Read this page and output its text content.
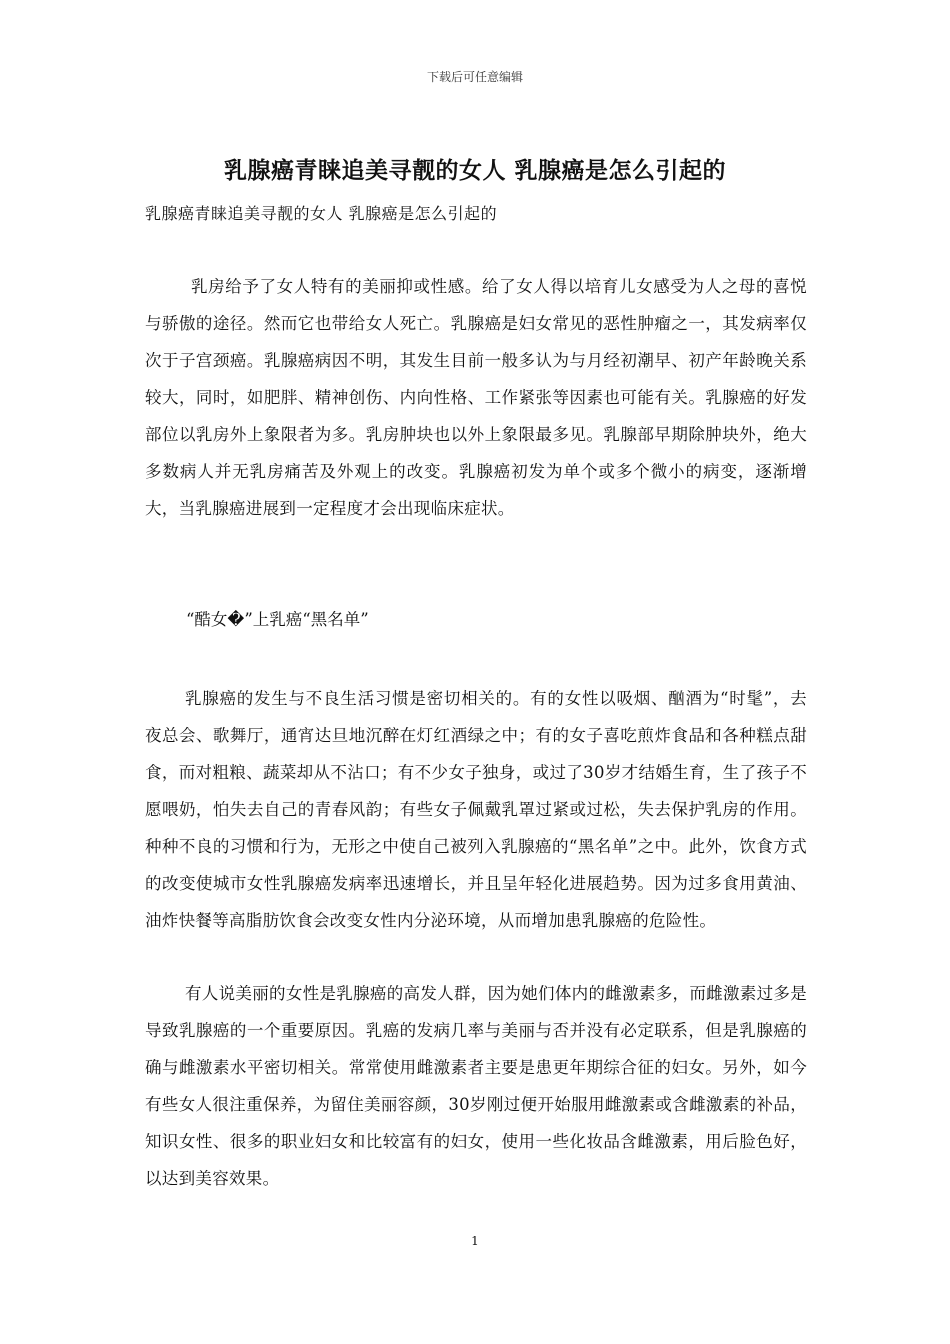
下载后可任意编辑
乳腺癌青睐追美寻靓的女人 乳腺癌是怎么引起的

乳腺癌青睐追美寻靓的女人 乳腺癌是怎么引起的

乳房给予了女人特有的美丽抑或性感。给了女人得以培育儿女感受为人之母的喜悦与骄傲的途径。然而它也带给女人死亡。乳腺癌是妇女常见的恶性肿瘤之一，其发病率仅次于子宫颈癌。乳腺癌病因不明，其发生目前一般多认为与月经初潮早、初产年龄晚关系较大，同时，如肥胖、精神创伤、内向性格、工作紧张等因素也可能有关。乳腺癌的好发部位以乳房外上象限者为多。乳房肿块也以外上象限最多见。乳腺部早期除肿块外，绝大多数病人并无乳房痛苦及外观上的改变。乳腺癌初发为单个或多个微小的病变，逐渐增大，当乳腺癌进展到一定程度才会出现临床症状。

“酷女�”上乳癌“黑名单”

乳腺癌的发生与不良生活习惯是密切相关的。有的女性以吸烟、酗酒为“时髦”，去夜总会、歌舞厅，通宵达旦地沉醉在灯红酒绿之中；有的女子喜吃煎炸食品和各种糕点甜食，而对粗粮、蔬菜却从不沾口；有不少女子独身，或过了30岁才结婚生育，生了孩子不愿喂奶，怕失去自己的青春风韵；有些女子佩戴乳罩过紧或过松，失去保护乳房的作用。种种不良的习惯和行为，无形之中使自己被列入乳腺癌的“黑名单”之中。此外，饮食方式的改变使城市女性乳腺癌发病率迅速增长，并且呈年轻化进展趋势。因为过多食用黄油、油炸快餐等高脂肪饮食会改变女性内分泌环境，从而增加患乳腺癌的危险性。

有人说美丽的女性是乳腺癌的高发人群，因为她们体内的雌激素多，而雌激素过多是导致乳腺癌的一个重要原因。乳癌的发病几率与美丽与否并没有必定联系，但是乳腺癌的确与雌激素水平密切相关。常常使用雌激素者主要是患更年期综合征的妇女。另外，如今有些女人很注重保养，为留住美丽容颜，30岁刚过便开始服用雌激素或含雌激素的补品，知识女性、很多的职业妇女和比较富有的妇女，使用一些化妆品含雌激素，用后脸色好，以达到美容效果。

1
